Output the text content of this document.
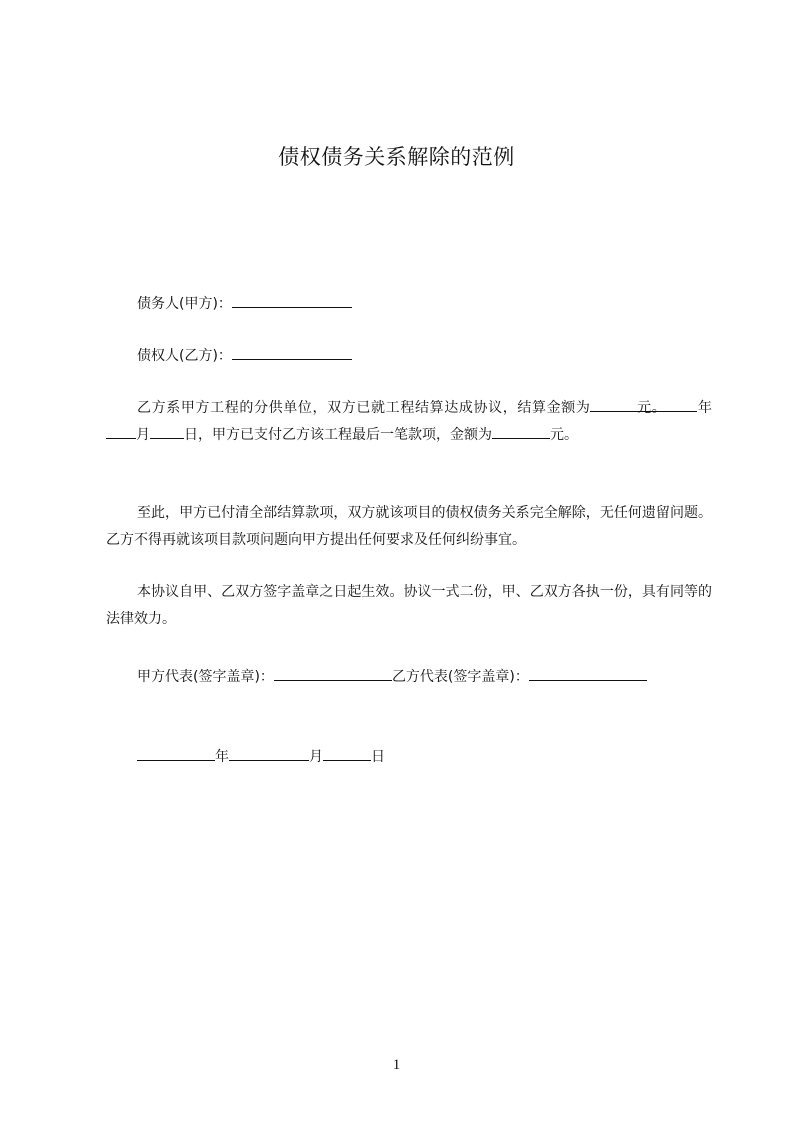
债权债务关系解除的范例
债务人(甲方)：
债权人(乙方)：
乙方系甲方工程的分供单位，双方已就工程结算达成协议，结算金额为	元。 年月 日，甲方已支付乙方该工程最后一笔款项，金额为	元。
至此，甲方已付清全部结算款项，双方就该项目的债权债务关系完全解除，无任何遗留问题。乙方不得再就该项目款项问题向甲方提出任何要求及任何纠纷事宜。
本协议自甲、乙双方签字盖章之日起生效。协议一式二份，甲、乙双方各执一份，具有同等的法律效力。
甲方代表(签字盖章)：	乙方代表(签字盖章)：
年	月	日
1
